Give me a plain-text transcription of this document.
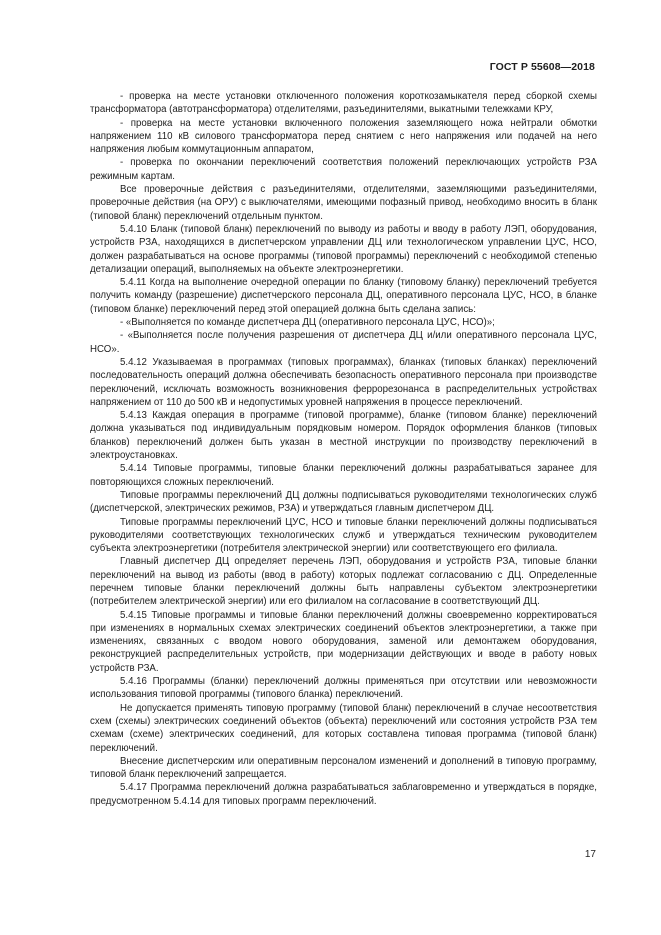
ГОСТ Р 55608—2018

- проверка на месте установки отключенного положения короткозамыкателя перед сборкой схемы трансформатора (автотрансформатора) отделителями, разъединителями, выкатными тележками КРУ,

- проверка на месте установки включенного положения заземляющего ножа нейтрали обмотки напряжением 110 кВ силового трансформатора перед снятием с него напряжения или подачей на него напряжения любым коммутационным аппаратом,

- проверка по окончании переключений соответствия положений переключающих устройств РЗА режимным картам.

Все проверочные действия с разъединителями, отделителями, заземляющими разъединителями, проверочные действия (на ОРУ) с выключателями, имеющими пофазный привод, необходимо вносить в бланк (типовой бланк) переключений отдельным пунктом.

5.4.10 Бланк (типовой бланк) переключений по выводу из работы и вводу в работу ЛЭП, оборудования, устройств РЗА, находящихся в диспетчерском управлении ДЦ или технологическом управлении ЦУС, НСО, должен разрабатываться на основе программы (типовой программы) переключений с необходимой степенью детализации операций, выполняемых на объекте электроэнергетики.

5.4.11 Когда на выполнение очередной операции по бланку (типовому бланку) переключений требуется получить команду (разрешение) диспетчерского персонала ДЦ, оперативного персонала ЦУС, НСО, в бланке (типовом бланке) переключений перед этой операцией должна быть сделана запись:

- «Выполняется по команде диспетчера ДЦ (оперативного персонала ЦУС, НСО)»;

- «Выполняется после получения разрешения от диспетчера ДЦ и/или оперативного персонала ЦУС, НСО».

5.4.12 Указываемая в программах (типовых программах), бланках (типовых бланках) переключений последовательность операций должна обеспечивать безопасность оперативного персонала при производстве переключений, исключать возможность возникновения феррорезонанса в распределительных устройствах напряжением от 110 до 500 кВ и недопустимых уровней напряжения в процессе переключений.

5.4.13 Каждая операция в программе (типовой программе), бланке (типовом бланке) переключений должна указываться под индивидуальным порядковым номером. Порядок оформления бланков (типовых бланков) переключений должен быть указан в местной инструкции по производству переключений в электроустановках.

5.4.14 Типовые программы, типовые бланки переключений должны разрабатываться заранее для повторяющихся сложных переключений.

Типовые программы переключений ДЦ должны подписываться руководителями технологических служб (диспетчерской, электрических режимов, РЗА) и утверждаться главным диспетчером ДЦ.

Типовые программы переключений ЦУС, НСО и типовые бланки переключений должны подписываться руководителями соответствующих технологических служб и утверждаться техническим руководителем субъекта электроэнергетики (потребителя электрической энергии) или соответствующего его филиала.

Главный диспетчер ДЦ определяет перечень ЛЭП, оборудования и устройств РЗА, типовые бланки переключений на вывод из работы (ввод в работу) которых подлежат согласованию с ДЦ. Определенные перечнем типовые бланки переключений должны быть направлены субъектом электроэнергетики (потребителем электрической энергии) или его филиалом на согласование в соответствующий ДЦ.

5.4.15 Типовые программы и типовые бланки переключений должны своевременно корректироваться при изменениях в нормальных схемах электрических соединений объектов электроэнергетики, а также при изменениях, связанных с вводом нового оборудования, заменой или демонтажем оборудования, реконструкцией распределительных устройств, при модернизации действующих и вводе в работу новых устройств РЗА.

5.4.16 Программы (бланки) переключений должны применяться при отсутствии или невозможности использования типовой программы (типового бланка) переключений.

Не допускается применять типовую программу (типовой бланк) переключений в случае несоответствия схем (схемы) электрических соединений объектов (объекта) переключений или состояния устройств РЗА тем схемам (схеме) электрических соединений, для которых составлена типовая программа (типовой бланк) переключений.

Внесение диспетчерским или оперативным персоналом изменений и дополнений в типовую программу, типовой бланк переключений запрещается.

5.4.17 Программа переключений должна разрабатываться заблаговременно и утверждаться в порядке, предусмотренном 5.4.14 для типовых программ переключений.

17
